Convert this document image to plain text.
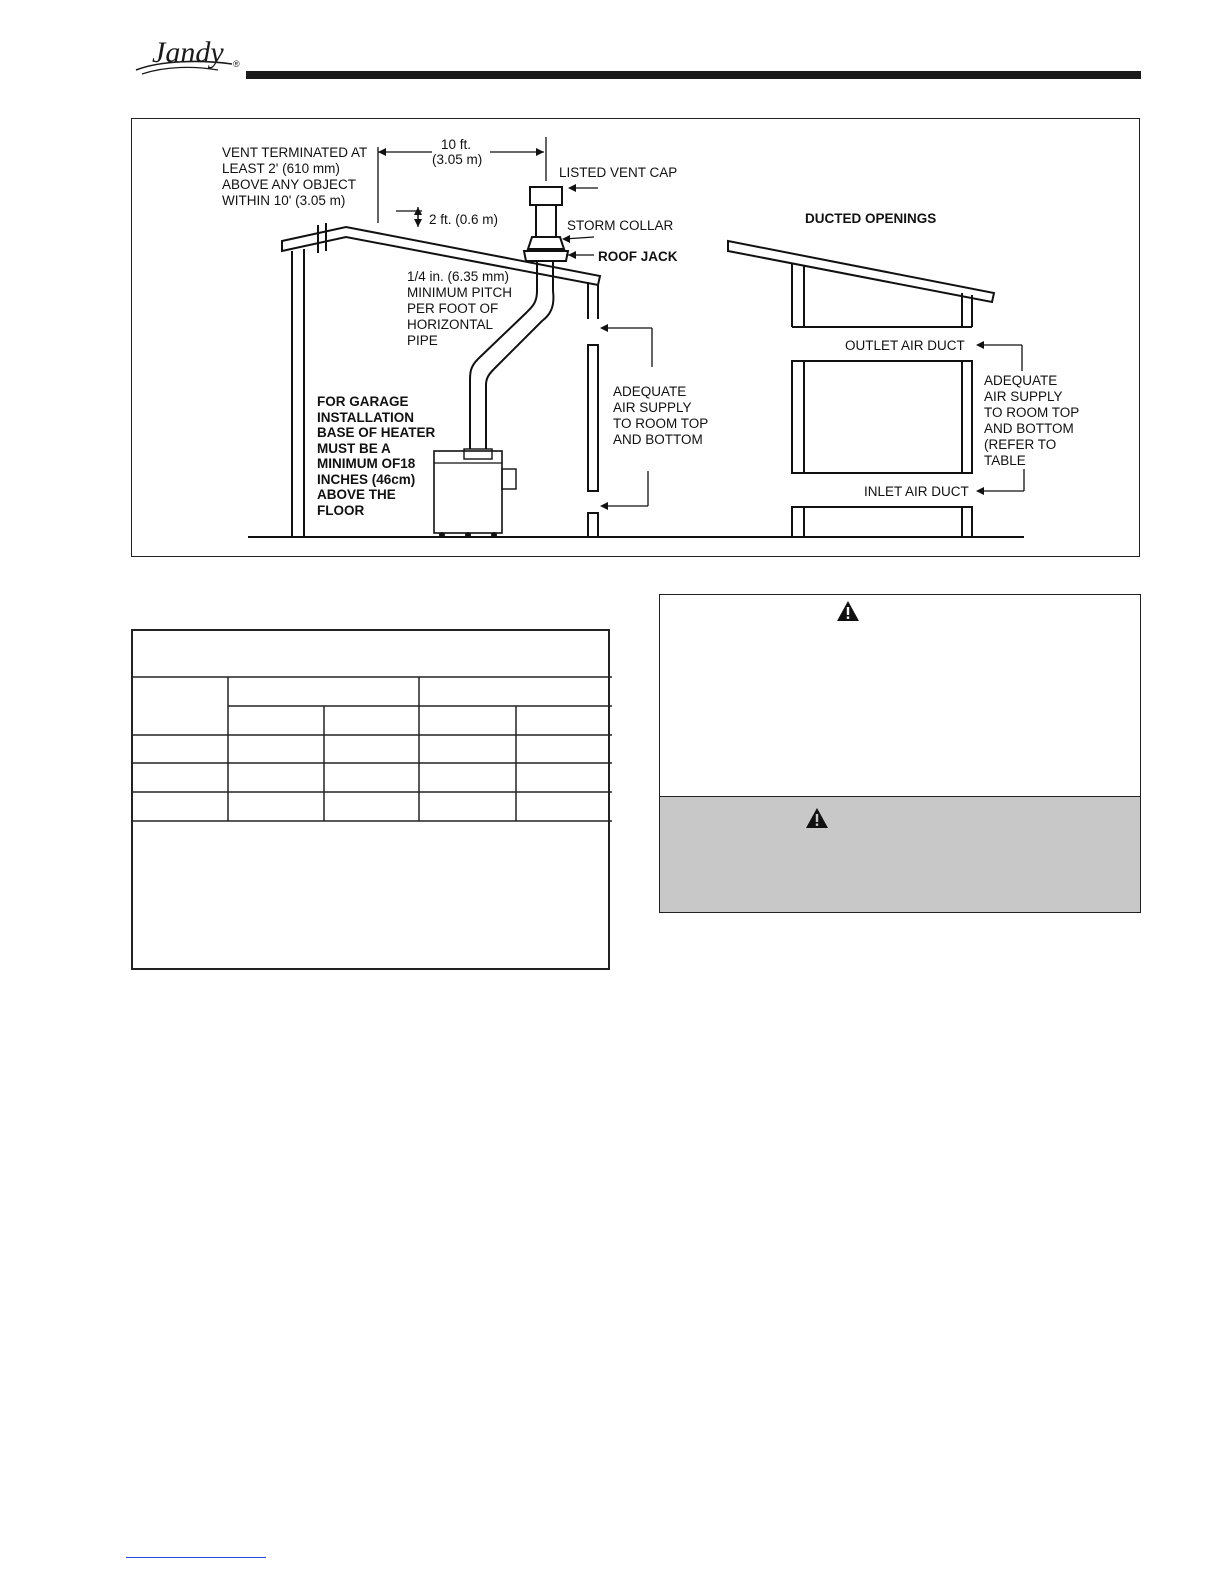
Jandy ®
VENT TERMINATED AT
LEAST 2' (610 mm)
ABOVE ANY OBJECT
WITHIN 10' (3.05 m)
10 ft.
(3.05 m)
LISTED VENT CAP
2 ft. (0.6 m)	STORM COLLAR
ROOF JACK
1/4 in. (6.35 mm)
MINIMUM PITCH
PER FOOT OF
HORIZONTAL
PIPE
FOR GARAGE
INSTALLATION
BASE OF HEATER
MUST BE A
MINIMUM OF18
INCHES (46cm)
ABOVE THE
FLOOR
ADEQUATE
AIR SUPPLY
TO ROOM TOP
AND BOTTOM
DUCTED OPENINGS
OUTLET AIR DUCT
INLET AIR DUCT
ADEQUATE
AIR SUPPLY
TO ROOM TOP
AND BOTTOM
(REFER TO
TABLE
